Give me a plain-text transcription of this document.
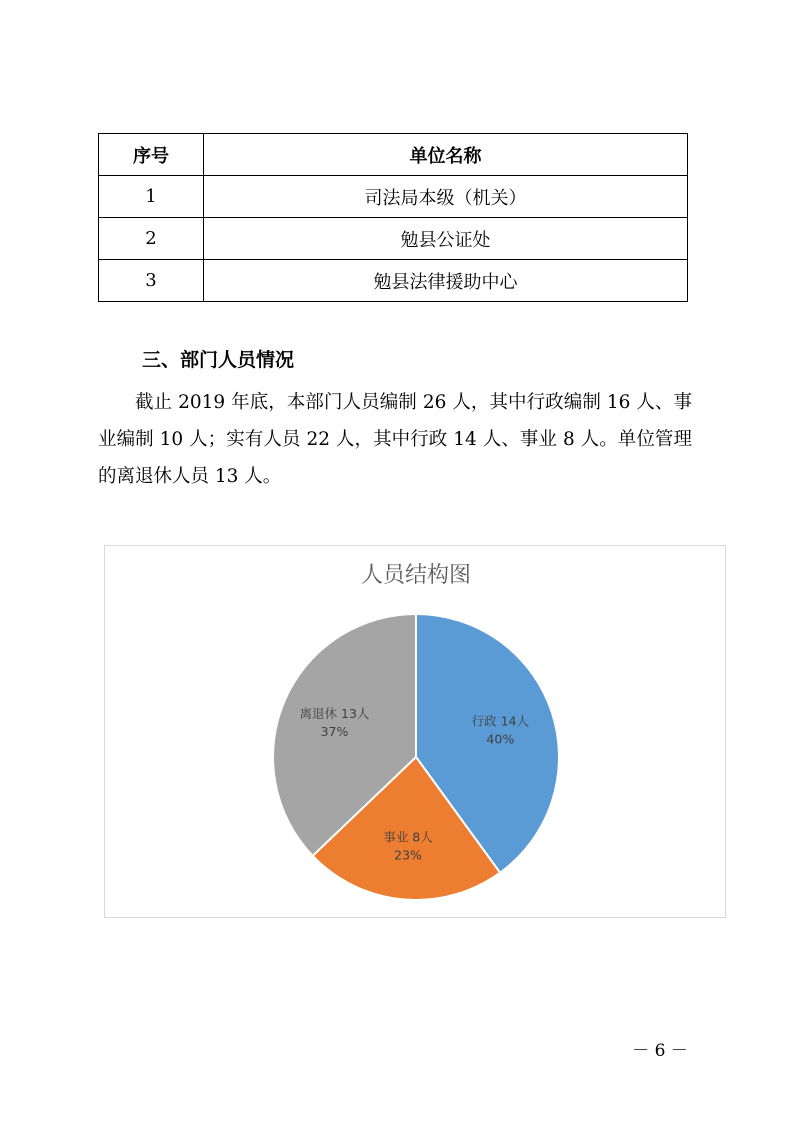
序号	单位名称
1	司法局本级（机关）
2	勉县公证处
3	勉县法律援助中心
三、部门人员情况

截止 2019 年底，本部门人员编制 26 人，其中行政编制 16 人、事业编制 10 人；实有人员 22 人，其中行政 14 人、事业 8 人。单位管理的离退休人员 13 人。

人员结构图
行政 14人
40%
事业 8人
23%
离退休 13人
37%
－ 6 －
